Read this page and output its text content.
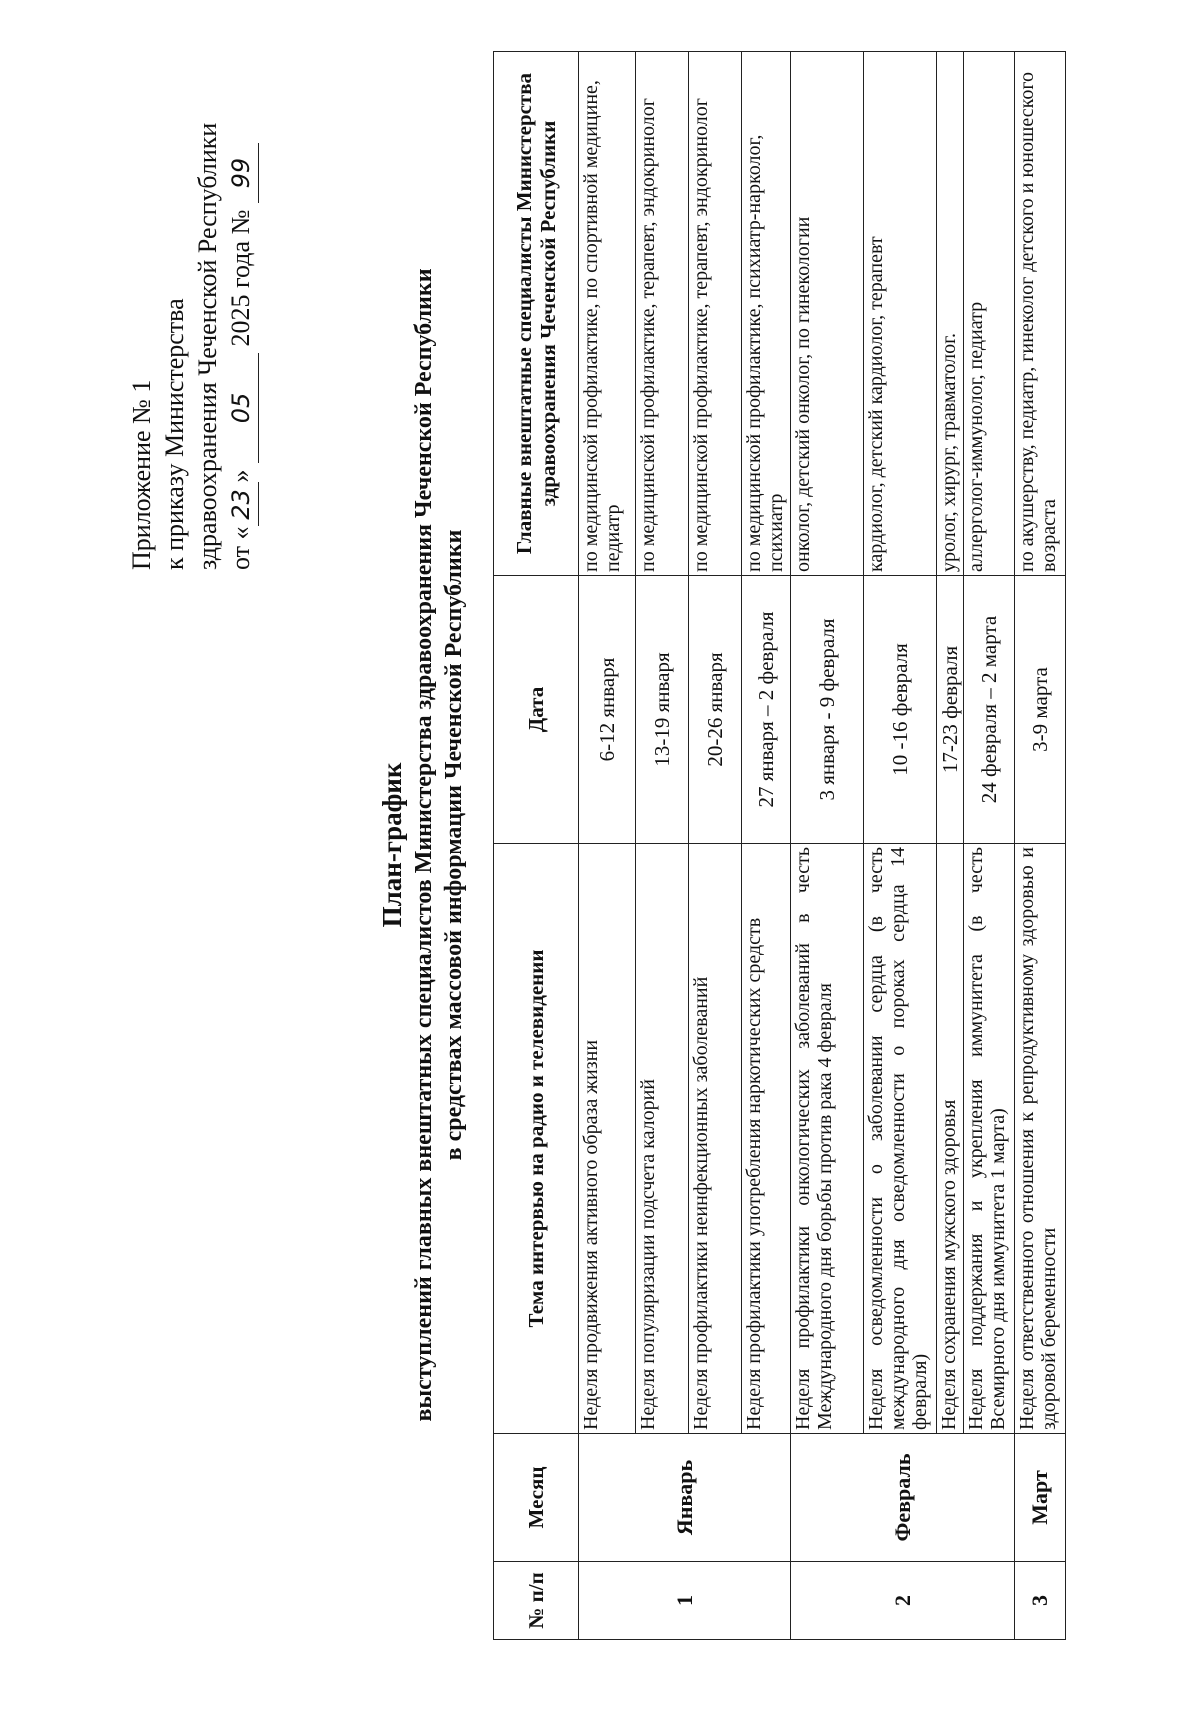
Приложение № 1 к приказу Министерства здравоохранения Чеченской Республики от «23» 05 2025 года № 99
План-график выступлений главных внештатных специалистов Министерства здравоохранения Чеченской Республики в средствах массовой информации Чеченской Республики
№ п/п	Месяц	Тема интервью на радио и телевидении	Дата	Главные внештатные специалисты Министерства здравоохранения Чеченской Республики
1	Январь	Неделя продвижения активного образа жизни	6-12 января	по медицинской профилактике, по спортивной медицине, педиатр
		Неделя популяризации подсчета калорий	13-19 января	по медицинской профилактике, терапевт, эндокринолог
		Неделя профилактики неинфекционных заболеваний	20-26 января	по медицинской профилактике, терапевт, эндокринолог
		Неделя профилактики употребления наркотических средств	27 января – 2 февраля	по медицинской профилактике, психиатр-нарколог, психиатр
2	Февраль	Неделя профилактики онкологических заболеваний в честь Международного дня борьбы против рака 4 февраля	3 января - 9 февраля	онколог, детский онколог, по гинекологии
		Неделя осведомленности о заболевании сердца (в честь международного дня осведомленности о пороках сердца 14 февраля)	10 -16 февраля	кардиолог, детский кардиолог, терапевт
		Неделя сохранения мужского здоровья	17-23 февраля	уролог, хирург, травматолог.
		Неделя поддержания и укрепления иммунитета (в честь Всемирного дня иммунитета 1 марта)	24 февраля – 2 марта	аллерголог-иммунолог, педиатр
3	Март	Неделя ответственного отношения к репродуктивному здоровью и здоровой беременности	3-9 марта	по акушерству, педиатр, гинеколог детского и юношеского возраста
